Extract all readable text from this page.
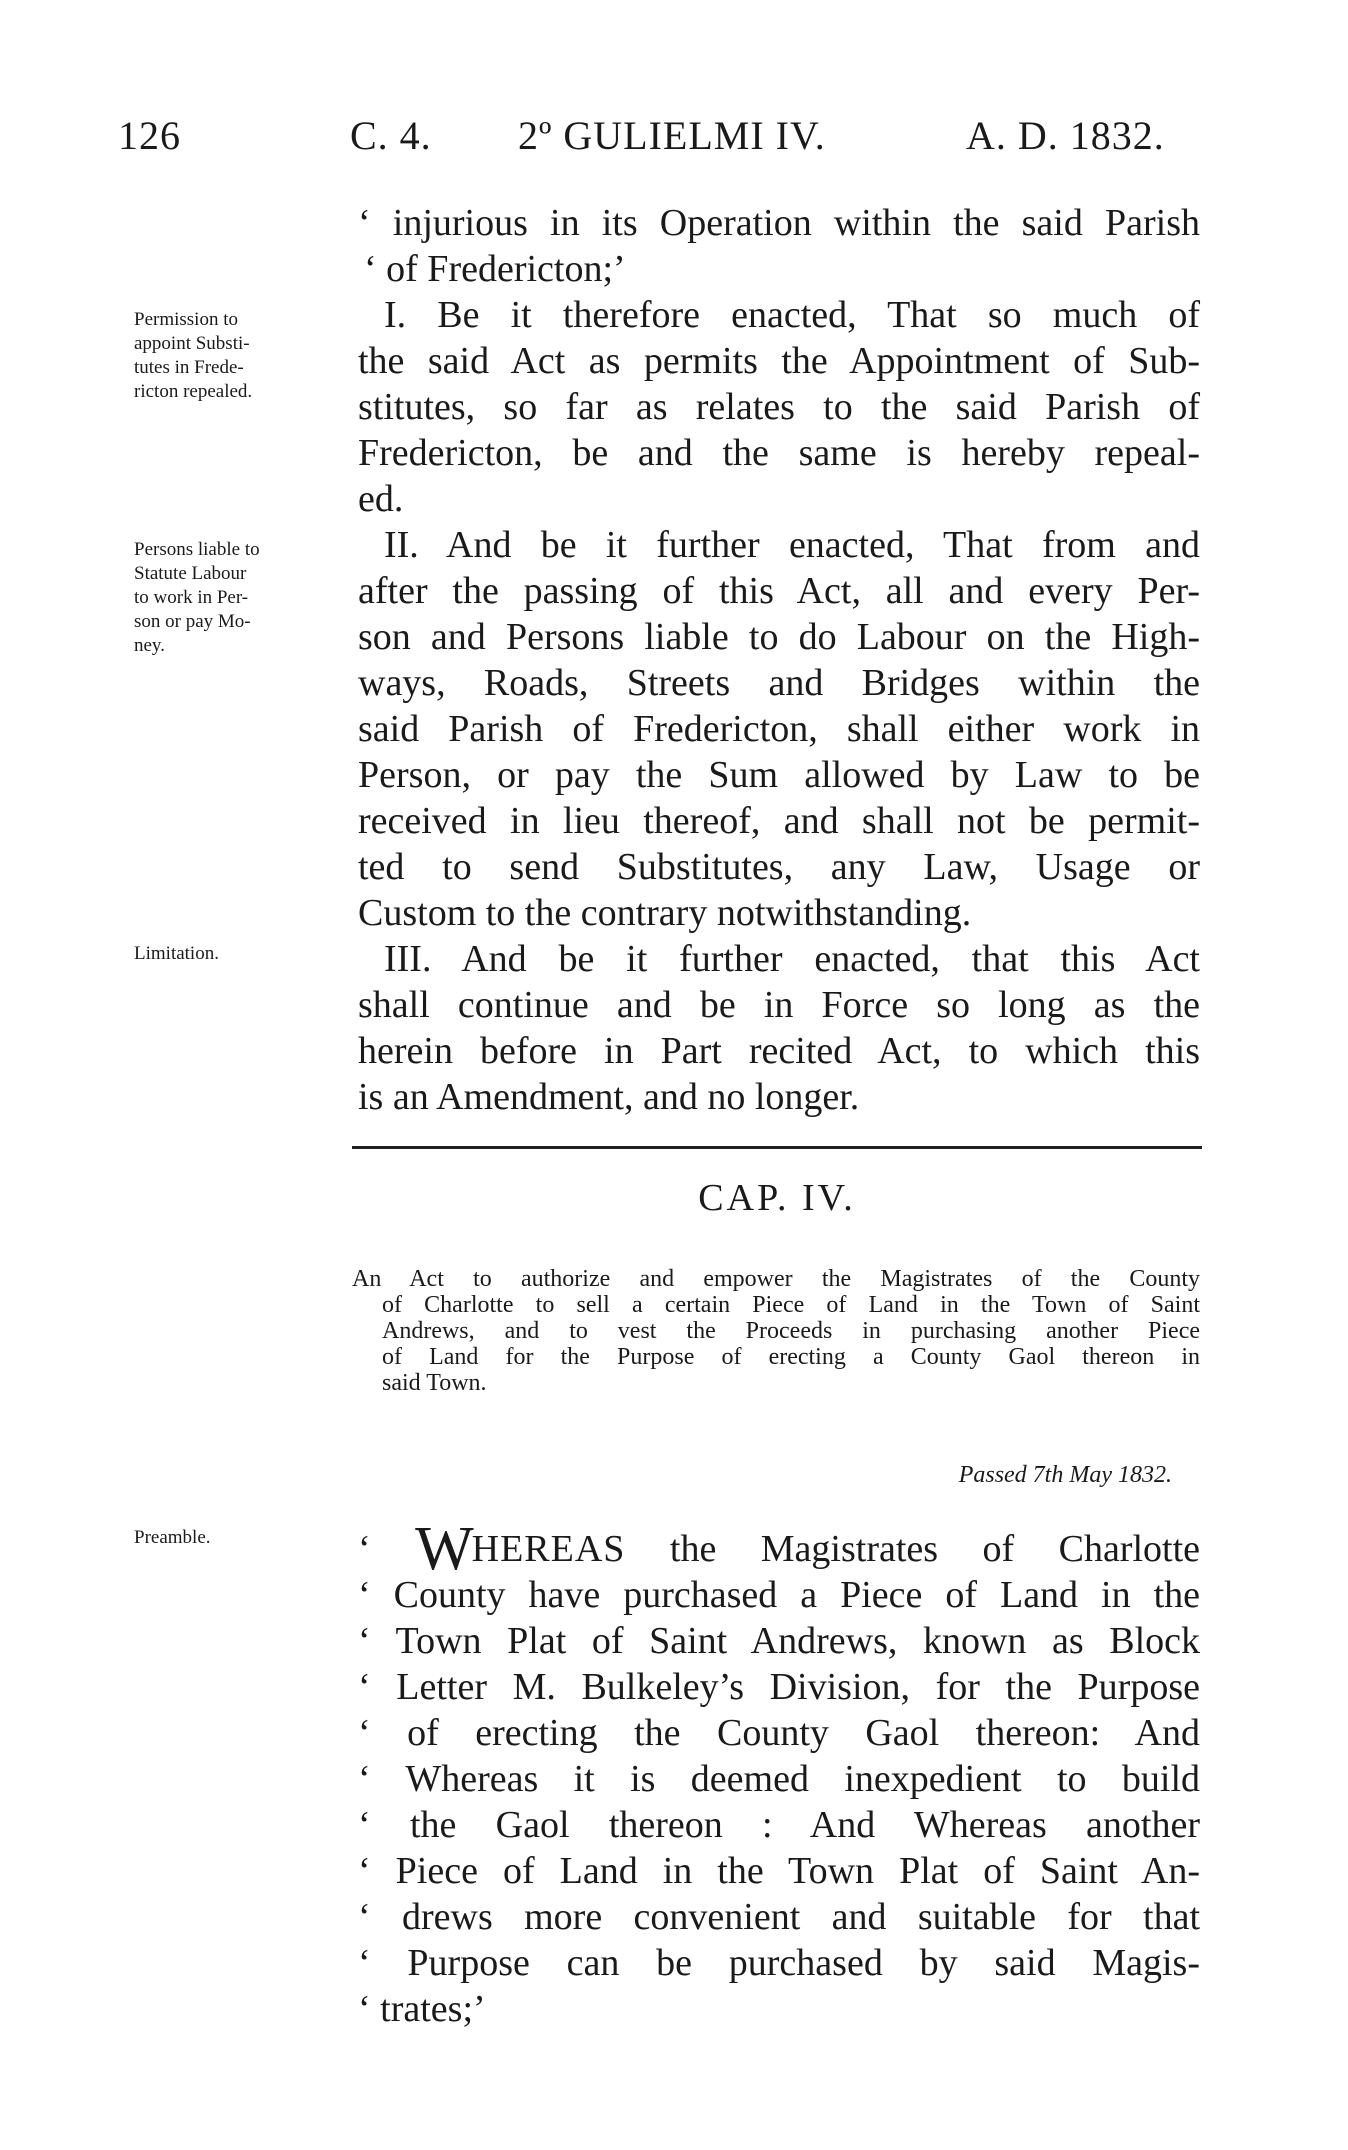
126	C. 4. 2º GULIELMI IV.	A. D. 1832.
Permission to
appoint Substi-
tutes in Frede-
ricton repealed.
Persons liable to
Statute Labour
to work in Per-
son or pay Mo-
ney.
Limitation.
Preamble.
‘ injurious in its Operation within the said Parish
‘ of Fredericton;’
I. Be it therefore enacted, That so much of
the said Act as permits the Appointment of Sub-
stitutes, so far as relates to the said Parish of
Fredericton, be and the same is hereby repeal-
ed.
II. And be it further enacted, That from and
after the passing of this Act, all and every Per-
son and Persons liable to do Labour on the High-
ways, Roads, Streets and Bridges within the
said Parish of Fredericton, shall either work in
Person, or pay the Sum allowed by Law to be
received in lieu thereof, and shall not be permit-
ted to send Substitutes, any Law, Usage or
Custom to the contrary notwithstanding.
III. And be it further enacted, that this Act
shall continue and be in Force so long as the
herein before in Part recited Act, to which this
is an Amendment, and no longer.
CAP. IV.
An Act to authorize and empower the Magistrates of the County
of Charlotte to sell a certain Piece of Land in the Town of Saint
Andrews, and to vest the Proceeds in purchasing another Piece
of Land for the Purpose of erecting a County Gaol thereon in
said Town.
Passed 7th May 1832.
‘ WHEREAS the Magistrates of Charlotte
‘ County have purchased a Piece of Land in the
‘ Town Plat of Saint Andrews, known as Block
‘ Letter M. Bulkeley’s Division, for the Purpose
‘ of erecting the County Gaol thereon: And
‘ Whereas it is deemed inexpedient to build
‘ the Gaol thereon : And Whereas another
‘ Piece of Land in the Town Plat of Saint An-
‘ drews more convenient and suitable for that
‘ Purpose can be purchased by said Magis-
‘ trates;’
